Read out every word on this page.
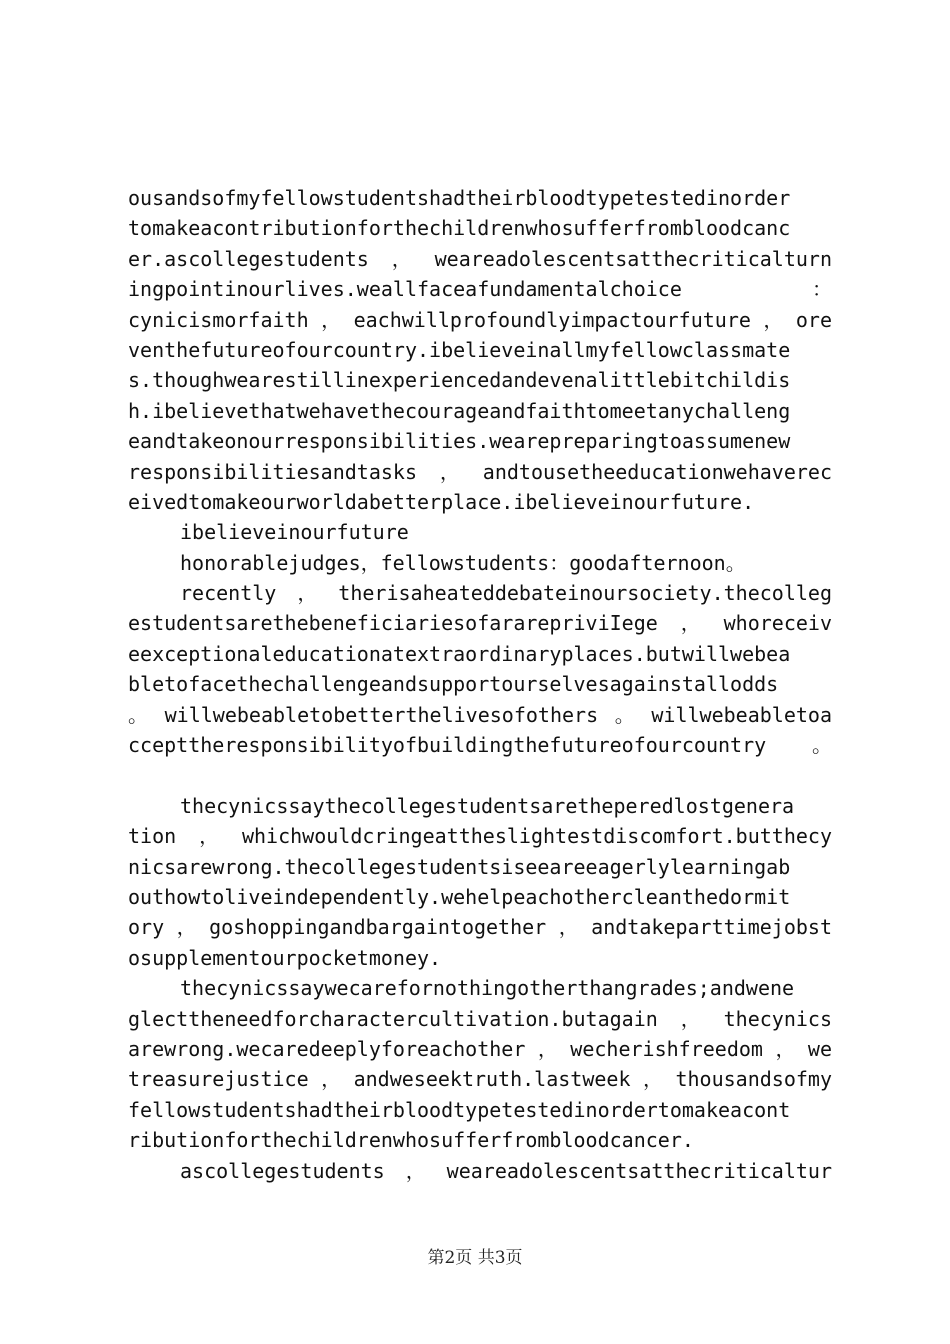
ousandsofmyfellowstudentshadtheirbloodtypetestedinorder
tomakeacontributionforthechildrenwhosufferfrombloodcanc
er.ascollegestudents，weareadolescentsatthecriticalturn
ingpointinourlives.weallfaceafundamentalchoice        ：
cynicismorfaith，eachwillprofoundlyimpactourfuture，ore
venthefutureofourcountry.ibelieveinallmyfellowclassmate
s.thoughwearestillinexperiencedandevenalittlebitchildis
h.ibelievethatwehavethecourageandfaithtomeetanychalleng
eandtakeonourresponsibilities.wearepreparingtoassumenew
responsibilitiesandtasks，andtousetheeducationwehaverec
eivedtomakeourworldabetterplace.ibelieveinourfuture.
ibelieveinourfuture
honorablejudges，fellowstudents：goodafternoon。
recently，therisaheateddebateinoursociety.thecolleg
estudentsarethebeneficiariesofararepriviIege，whoreceiv
eexceptionaleducationatextraordinaryplaces.butwillwebea
bletofacethechallengeandsupportourselvesagainstallodds
。willwebeabletobetterthelivesofothers。willwebeabletoa
ccepttheresponsibilityofbuildingthefutureofourcountry。
thecynicssaythecollegestudentsaretheperedlostgenera
tion，whichwouldcringeattheslightestdiscomfort.butthecy
nicsarewrong.thecollegestudentsiseeareeagerlylearningab
outhowtoliveindependently.wehelpeachothercleanthedormit
ory，goshoppingandbargaintogether，andtakeparttimejobst
osupplementourpocketmoney.
thecynicssaywecarefornothingotherthangrades;andwene
glecttheneedforcharactercultivation.butagain，thecynics
arewrong.wecaredeeplyforeachother，wecherishfreedom，we
treasurejustice，andweseektruth.lastweek，thousandsofmy
fellowstudentshadtheirbloodtypetestedinordertomakeacont
ributionforthechildrenwhosufferfrombloodcancer.
ascollegestudents，weareadolescentsatthecriticaltur
第2页 共3页
